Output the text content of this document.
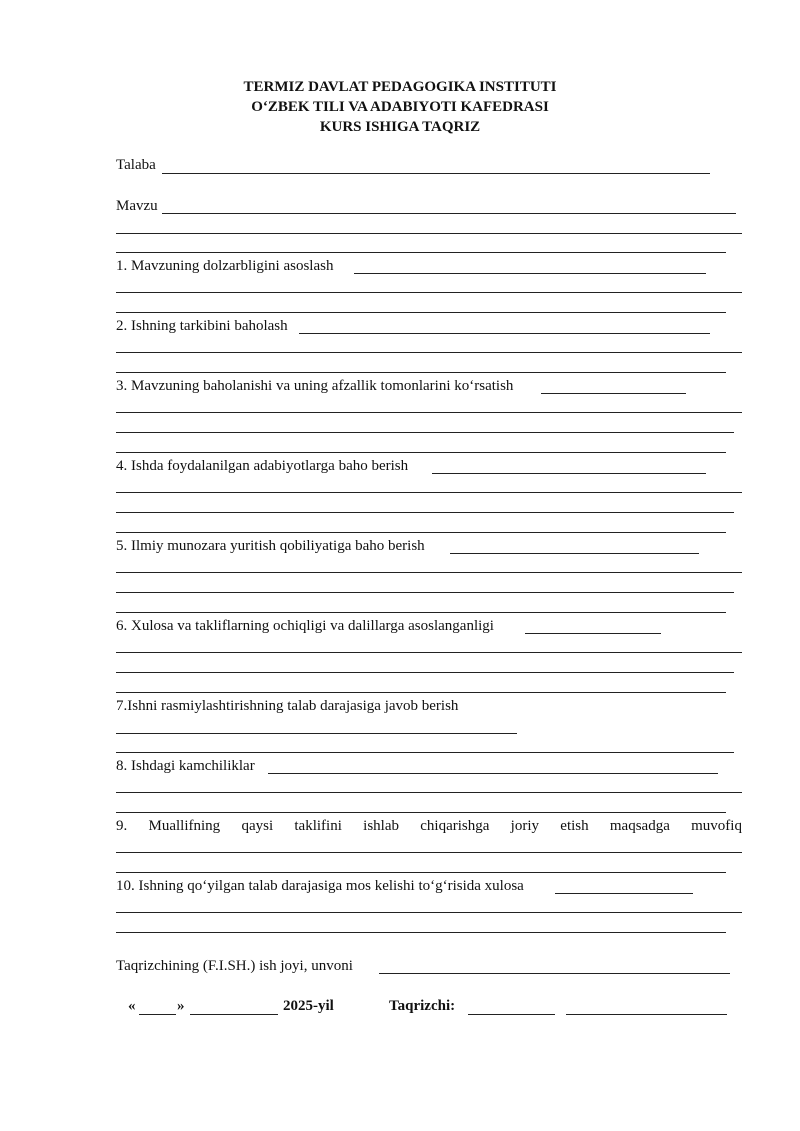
TERMIZ DAVLAT PEDAGOGIKA INSTITUTI
O‘ZBEK TILI VA ADABIYOTI KAFEDRASI
KURS ISHIGA TAQRIZ
Talaba
Mavzu
1. Mavzuning dolzarbligini asoslash
2. Ishning tarkibini baholash
3. Mavzuning baholanishi va uning afzallik tomonlarini ko‘rsatish
4. Ishda foydalanilgan adabiyotlarga baho berish
5. Ilmiy munozara yuritish qobiliyatiga baho berish
6. Xulosa va takliflarning ochiqligi va dalillarga asoslanganligi
7.Ishni rasmiylashtirishning talab darajasiga javob berish
8. Ishdagi kamchiliklar
9. Muallifning qaysi taklifini ishlab chiqarishga joriy etish maqsadga muvofiq
10. Ishning qo‘yilgan talab darajasiga mos kelishi to‘g‘risida xulosa
Taqrizchining (F.I.SH.) ish joyi, unvoni
«	»	2025-yil	Taqrizchi:
